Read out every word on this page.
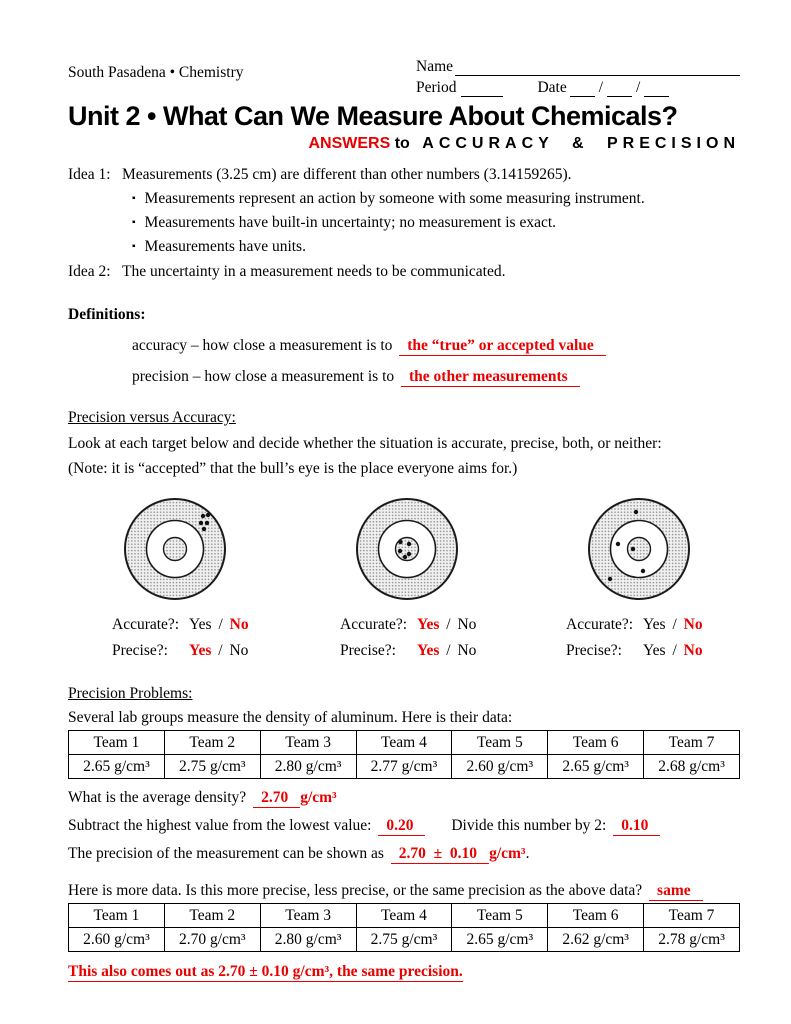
South Pasadena • Chemistry	Name
Period	Date / /
Unit 2 • What Can We Measure About Chemicals?
ANSWERS to ACCURACY & PRECISION
Idea 1: Measurements (3.25 cm) are different than other numbers (3.14159265).
▪ Measurements represent an action by someone with some measuring instrument.
▪ Measurements have built-in uncertainty; no measurement is exact.
▪ Measurements have units.
Idea 2: The uncertainty in a measurement needs to be communicated.
Definitions:
accuracy – how close a measurement is to the “true” or accepted value
precision – how close a measurement is to the other measurements
Precision versus Accuracy:
Look at each target below and decide whether the situation is accurate, precise, both, or neither:
(Note: it is “accepted” that the bull’s eye is the place everyone aims for.)
Accurate?: Yes / No
Precise?: Yes / No
Accurate?: Yes / No
Precise?: Yes / No
Accurate?: Yes / No
Precise?: Yes / No
Precision Problems:
Several lab groups measure the density of aluminum. Here is their data:
Team 1	Team 2	Team 3	Team 4	Team 5	Team 6	Team 7
2.65 g/cm³	2.75 g/cm³	2.80 g/cm³	2.77 g/cm³	2.60 g/cm³	2.65 g/cm³	2.68 g/cm³
What is the average density? 2.70 g/cm³
Subtract the highest value from the lowest value: 0.20 Divide this number by 2: 0.10
The precision of the measurement can be shown as 2.70  ±  0.10 g/cm³.
Here is more data. Is this more precise, less precise, or the same precision as the above data? same
Team 1	Team 2	Team 3	Team 4	Team 5	Team 6	Team 7
2.60 g/cm³	2.70 g/cm³	2.80 g/cm³	2.75 g/cm³	2.65 g/cm³	2.62 g/cm³	2.78 g/cm³
This also comes out as 2.70 ± 0.10 g/cm³, the same precision.
